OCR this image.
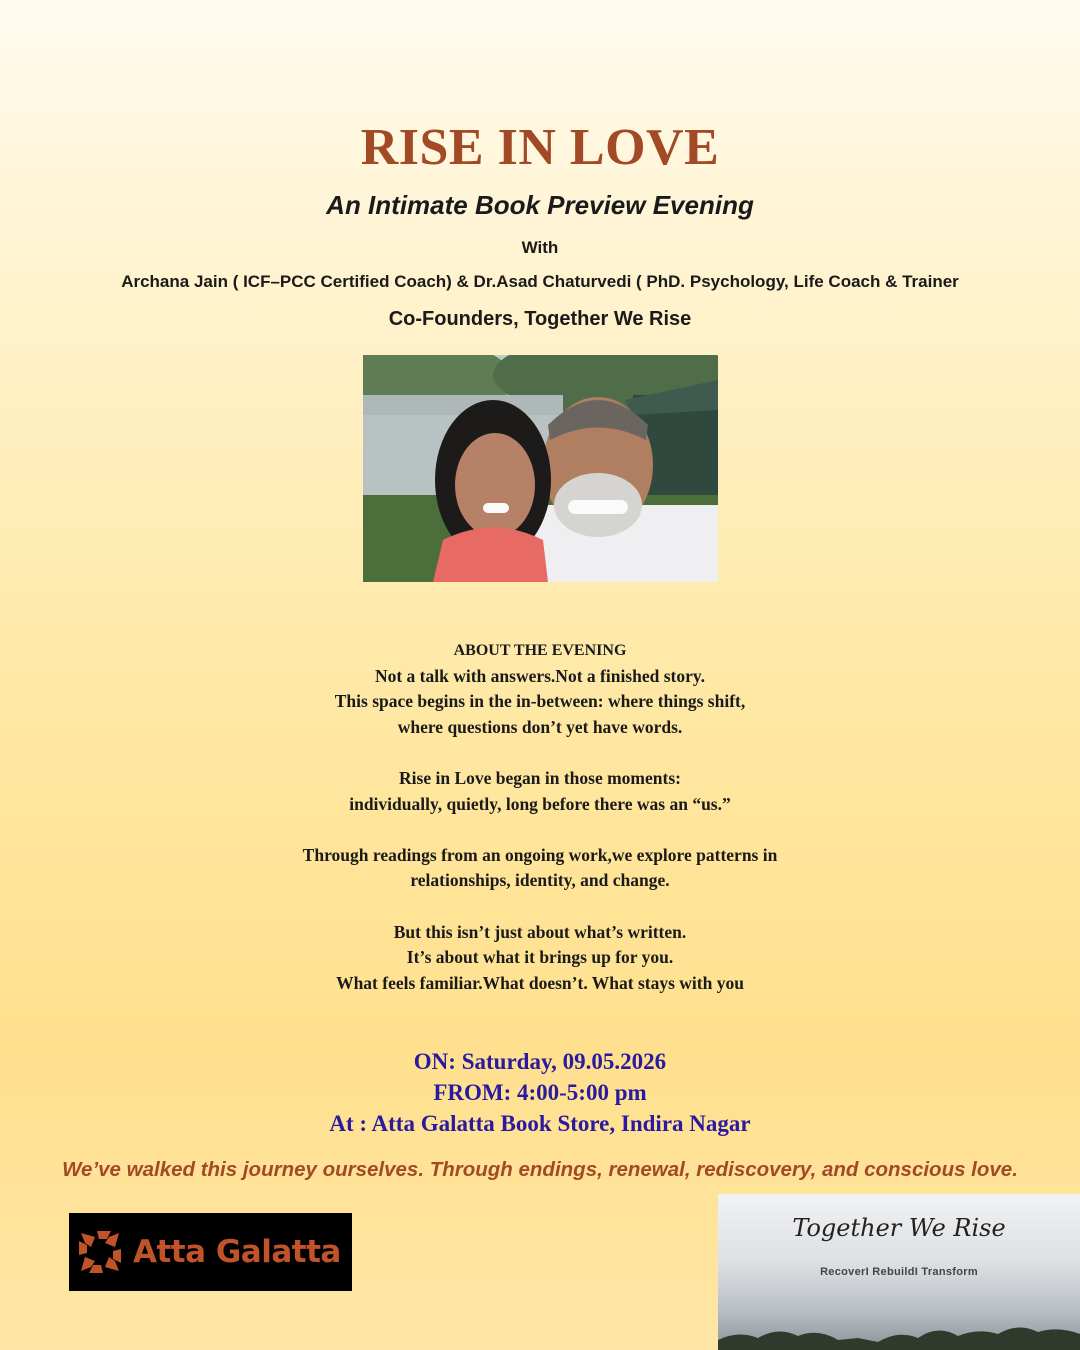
RISE IN LOVE
An Intimate Book Preview Evening
With
Archana Jain ( ICF–PCC Certified Coach) & Dr.Asad Chaturvedi ( PhD. Psychology, Life Coach & Trainer
Co-Founders, Together We Rise
ABOUT THE EVENING
Not a talk with answers.Not a finished story.
This space begins in the in-between: where things shift,
where questions don’t yet have words.
Rise in Love began in those moments:
individually, quietly, long before there was an “us.”
Through readings from an ongoing work,we explore patterns in
relationships, identity, and change.
But this isn’t just about what’s written.
It’s about what it brings up for you.
What feels familiar.What doesn’t. What stays with you
ON: Saturday, 09.05.2026
FROM: 4:00-5:00 pm
At : Atta Galatta Book Store, Indira Nagar
We’ve walked this journey ourselves. Through endings, renewal, rediscovery, and conscious love.
Atta Galatta
Together We Rise
RecoverI RebuildI Transform
